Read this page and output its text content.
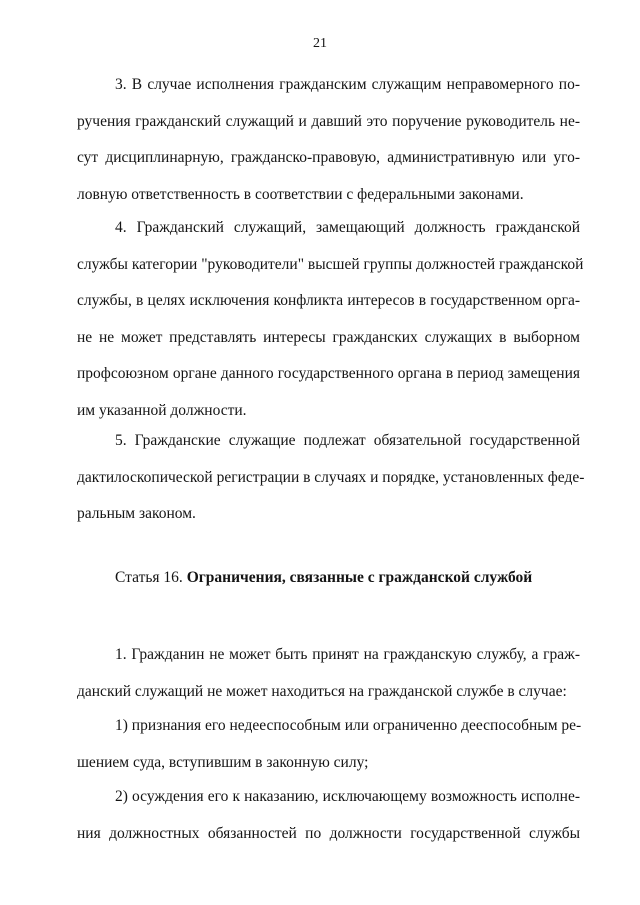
21
3. В случае исполнения гражданским служащим неправомерного по-
ручения гражданский служащий и давший это поручение руководитель не-
сут дисциплинарную, гражданско-правовую, административную или уго-
ловную ответственность в соответствии с федеральными законами.
4. Гражданский служащий, замещающий должность гражданской
службы категории "руководители" высшей группы должностей гражданской
службы, в целях исключения конфликта интересов в государственном орга-
не не может представлять интересы гражданских служащих в выборном
профсоюзном органе данного государственного органа в период замещения
им указанной должности.
5. Гражданские служащие подлежат обязательной государственной
дактилоскопической регистрации в случаях и порядке, установленных феде-
ральным законом.
Статья 16. Ограничения, связанные с гражданской службой
1. Гражданин не может быть принят на гражданскую службу, а граж-
данский служащий не может находиться на гражданской службе в случае:
1) признания его недееспособным или ограниченно дееспособным ре-
шением суда, вступившим в законную силу;
2) осуждения его к наказанию, исключающему возможность исполне-
ния должностных обязанностей по должности государственной службы
